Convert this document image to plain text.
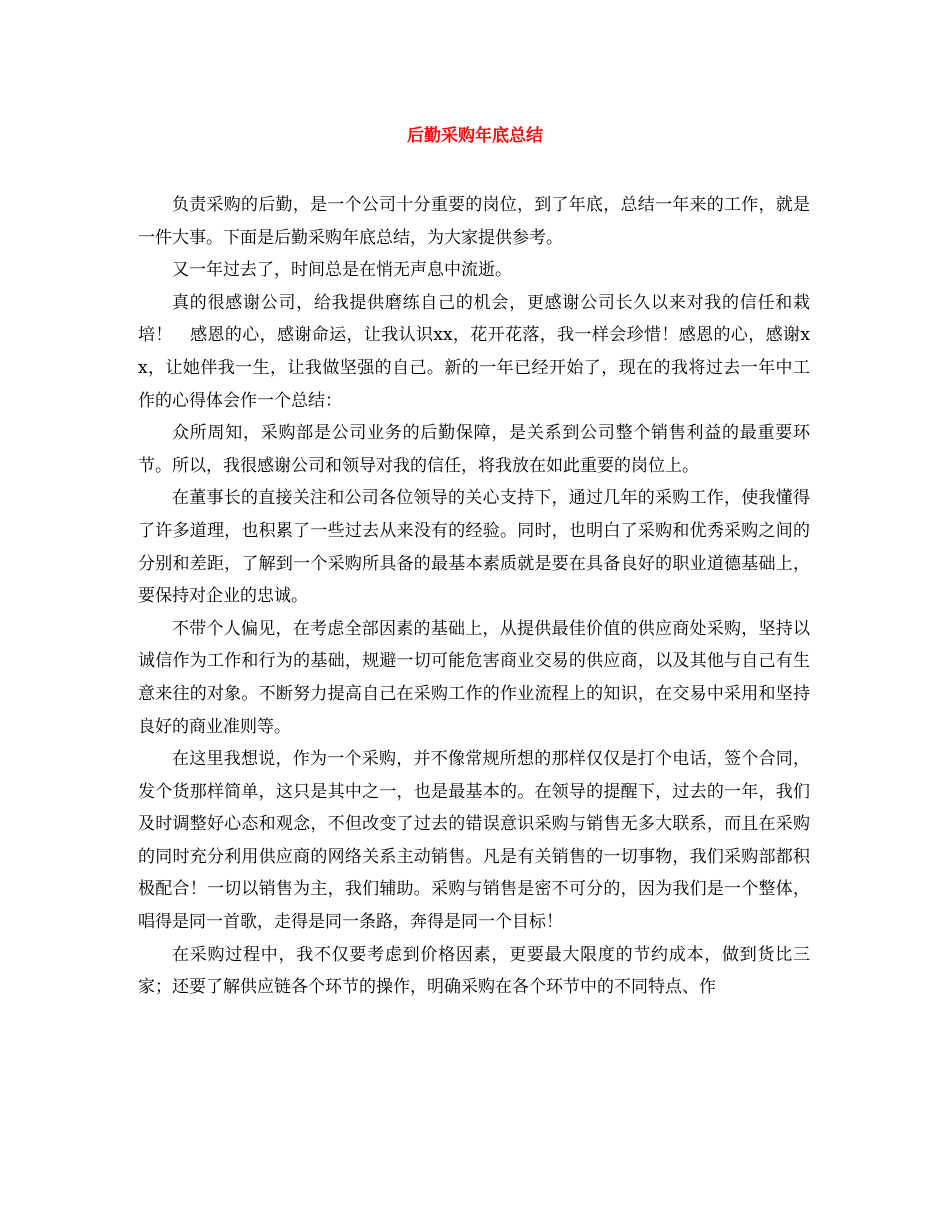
后勤采购年底总结

负责采购的后勤，是一个公司十分重要的岗位，到了年底，总结一年来的工作，就是一件大事。下面是后勤采购年底总结，为大家提供参考。

又一年过去了，时间总是在悄无声息中流逝。

真的很感谢公司，给我提供磨练自己的机会，更感谢公司长久以来对我的信任和栽培！　感恩的心，感谢命运，让我认识xx，花开花落，我一样会珍惜！感恩的心，感谢xx，让她伴我一生，让我做坚强的自己。新的一年已经开始了，现在的我将过去一年中工作的心得体会作一个总结：

众所周知，采购部是公司业务的后勤保障，是关系到公司整个销售利益的最重要环节。所以，我很感谢公司和领导对我的信任，将我放在如此重要的岗位上。

在董事长的直接关注和公司各位领导的关心支持下，通过几年的采购工作，使我懂得了许多道理，也积累了一些过去从来没有的经验。同时，也明白了采购和优秀采购之间的分别和差距，了解到一个采购所具备的最基本素质就是要在具备良好的职业道德基础上，要保持对企业的忠诚。

不带个人偏见，在考虑全部因素的基础上，从提供最佳价值的供应商处采购，坚持以诚信作为工作和行为的基础，规避一切可能危害商业交易的供应商，以及其他与自己有生意来往的对象。不断努力提高自己在采购工作的作业流程上的知识，在交易中采用和坚持良好的商业准则等。

在这里我想说，作为一个采购，并不像常规所想的那样仅仅是打个电话，签个合同，发个货那样简单，这只是其中之一，也是最基本的。在领导的提醒下，过去的一年，我们及时调整好心态和观念，不但改变了过去的错误意识采购与销售无多大联系，而且在采购的同时充分利用供应商的网络关系主动销售。凡是有关销售的一切事物，我们采购部都积极配合！一切以销售为主，我们辅助。采购与销售是密不可分的，因为我们是一个整体，唱得是同一首歌，走得是同一条路，奔得是同一个目标！

在采购过程中，我不仅要考虑到价格因素，更要最大限度的节约成本，做到货比三家；还要了解供应链各个环节的操作，明确采购在各个环节中的不同特点、作
